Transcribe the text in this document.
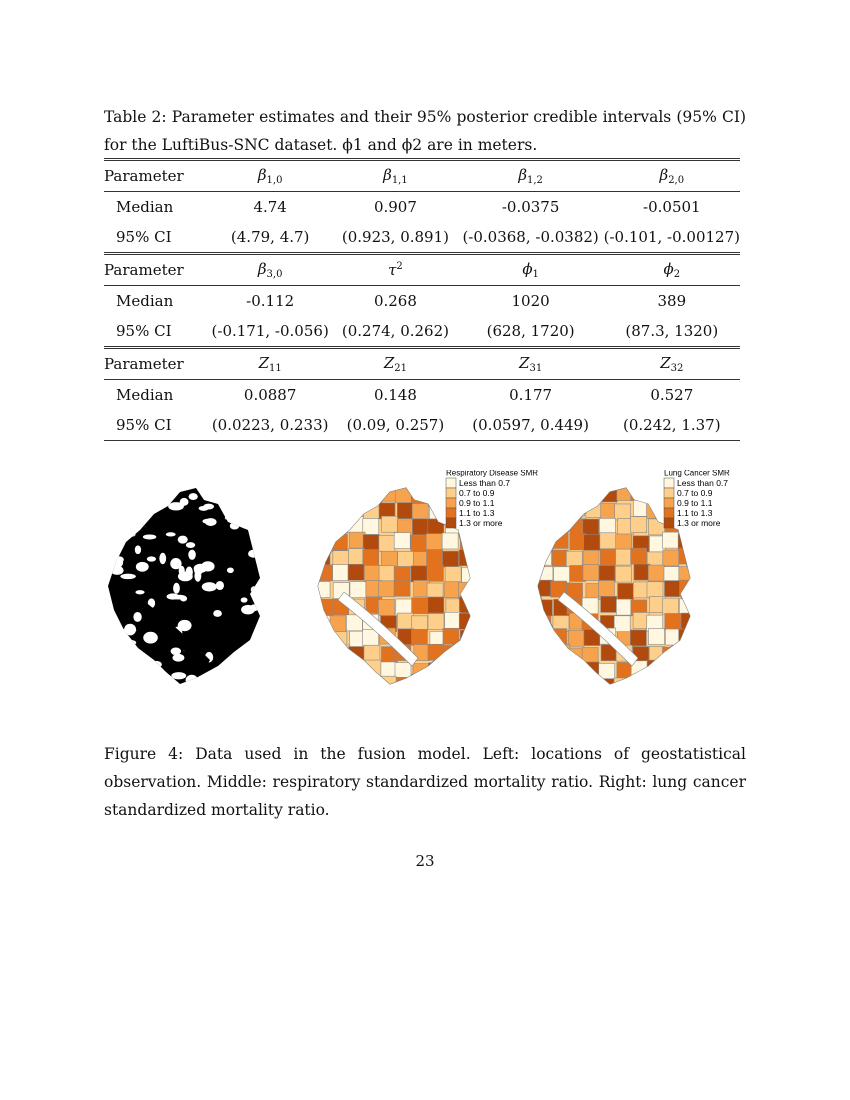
Table 2: Parameter estimates and their 95% posterior credible intervals (95% CI) for the LuftiBus-SNC dataset. ϕ1 and ϕ2 are in meters.
Parameter	$\beta_{1,0}$	$\beta_{1,1}$	$\beta_{1,2}$	$\beta_{2,0}$
Median	4.74	0.907	-0.0375	-0.0501
95% CI	(4.79, 4.7)	(0.923, 0.891)	(-0.0368, -0.0382)	(-0.101, -0.00127)
Parameter	$\beta_{3,0}$	$\tau^2$	$\phi_1$	$\phi_2$
Median	-0.112	0.268	1020	389
95% CI	(-0.171, -0.056)	(0.274, 0.262)	(628, 1720)	(87.3, 1320)
Parameter	$Z_{11}$	$Z_{21}$	$Z_{31}$	$Z_{32}$
Median	0.0887	0.148	0.177	0.527
95% CI	(0.0223, 0.233)	(0.09, 0.257)	(0.0597, 0.449)	(0.242, 1.37)
Respiratory Disease SMR
Less than 0.7
0.7 to 0.9
0.9 to 1.1
1.1 to 1.3
1.3 or more
Lung Cancer SMR
Less than 0.7
0.7 to 0.9
0.9 to 1.1
1.1 to 1.3
1.3 or more
Figure 4: Data used in the fusion model. Left: locations of geostatistical observation. Middle: respiratory standardized mortality ratio. Right: lung cancer standardized mortality ratio.
23
